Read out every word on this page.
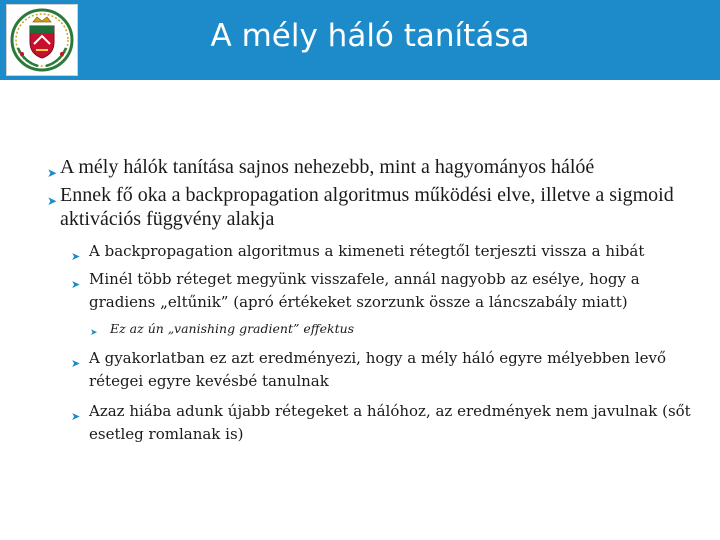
A mély háló tanítása
➤ A mély hálók tanítása sajnos nehezebb, mint a hagyományos hálóé
➤ Ennek fő oka a backpropagation algoritmus működési elve, illetve a sigmoid aktivációs függvény alakja
➤ A backpropagation algoritmus a kimeneti rétegtől terjeszti vissza a hibát
➤ Minél több réteget megyünk visszafele, annál nagyobb az esélye, hogy a gradiens „eltűnik” (apró értékeket szorzunk össze a láncszabály miatt)
➤ Ez az ún „vanishing gradient” effektus
➤ A gyakorlatban ez azt eredményezi, hogy a mély háló egyre mélyebben levő rétegei egyre kevésbé tanulnak
➤ Azaz hiába adunk újabb rétegeket a hálóhoz, az eredmények nem javulnak (sőt esetleg romlanak is)
